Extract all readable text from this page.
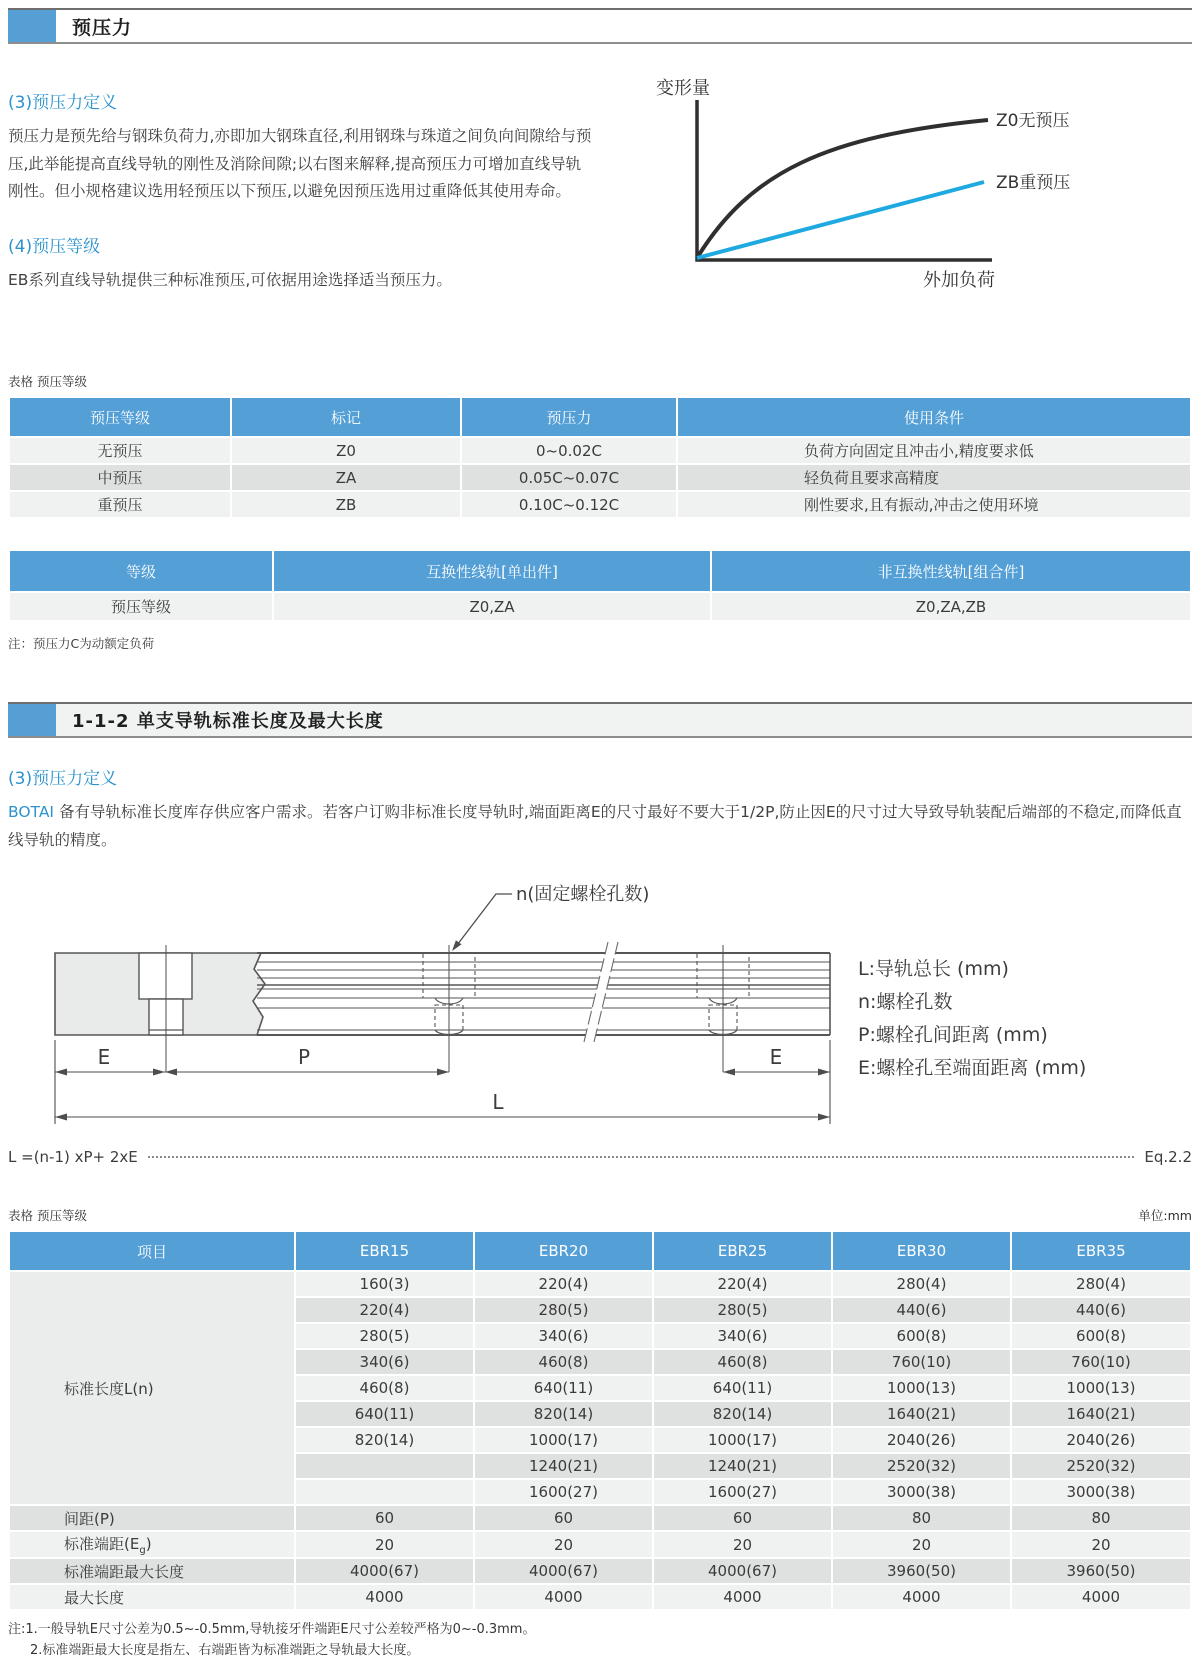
预压力
(3)预压力定义

预压力是预先给与钢珠负荷力,亦即加大钢珠直径,利用钢珠与珠道之间负向间隙给与预压,此举能提高直线导轨的刚性及消除间隙;以右图来解释,提高预压力可增加直线导轨刚性。但小规格建议选用轻预压以下预压,以避免因预压选用过重降低其使用寿命。

(4)预压等级

EB系列直线导轨提供三种标准预压,可依据用途选择适当预压力。

变形量
Z0无预压
ZB重预压
外加负荷
表格 预压等级
预压等级	标记	预压力	使用条件
无预压	Z0	0~0.02C	负荷方向固定且冲击小,精度要求低
中预压	ZA	0.05C~0.07C	轻负荷且要求高精度
重预压	ZB	0.10C~0.12C	刚性要求,且有振动,冲击之使用环境
等级	互换性线轨[单出件]	非互换性线轨[组合件]
预压等级	Z0,ZA	Z0,ZA,ZB
注：预压力C为动额定负荷
1-1-2 单支导轨标准长度及最大长度
(3)预压力定义

BOTAI 备有导轨标准长度库存供应客户需求。若客户订购非标准长度导轨时,端面距离E的尺寸最好不要大于1/2P,防止因E的尺寸过大导致导轨装配后端部的不稳定,而降低直线导轨的精度。

n(固定螺栓孔数)
E	P	E
L
L:导轨总长 (mm)
n:螺栓孔数
P:螺栓孔间距离 (mm)
E:螺栓孔至端面距离 (mm)
L =(n-1) xP+ 2xE	Eq.2.2
表格 预压等级	单位:mm
项目	EBR15	EBR20	EBR25	EBR30	EBR35
标准长度L(n)	160(3)	220(4)	220(4)	280(4)	280(4)
	220(4)	280(5)	280(5)	440(6)	440(6)
	280(5)	340(6)	340(6)	600(8)	600(8)
	340(6)	460(8)	460(8)	760(10)	760(10)
	460(8)	640(11)	640(11)	1000(13)	1000(13)
	640(11)	820(14)	820(14)	1640(21)	1640(21)
	820(14)	1000(17)	1000(17)	2040(26)	2040(26)
		1240(21)	1240(21)	2520(32)	2520(32)
		1600(27)	1600(27)	3000(38)	3000(38)
间距(P)	60	60	60	80	80
标准端距$(E_g)$	20	20	20	20	20
标准端距最大长度	4000(67)	4000(67)	4000(67)	3960(50)	3960(50)
最大长度	4000	4000	4000	4000	4000
注:1.一般导轨E尺寸公差为0.5~-0.5mm,导轨接牙件端距E尺寸公差较严格为0~-0.3mm。
2.标准端距最大长度是指左、右端距皆为标准端距之导轨最大长度。
